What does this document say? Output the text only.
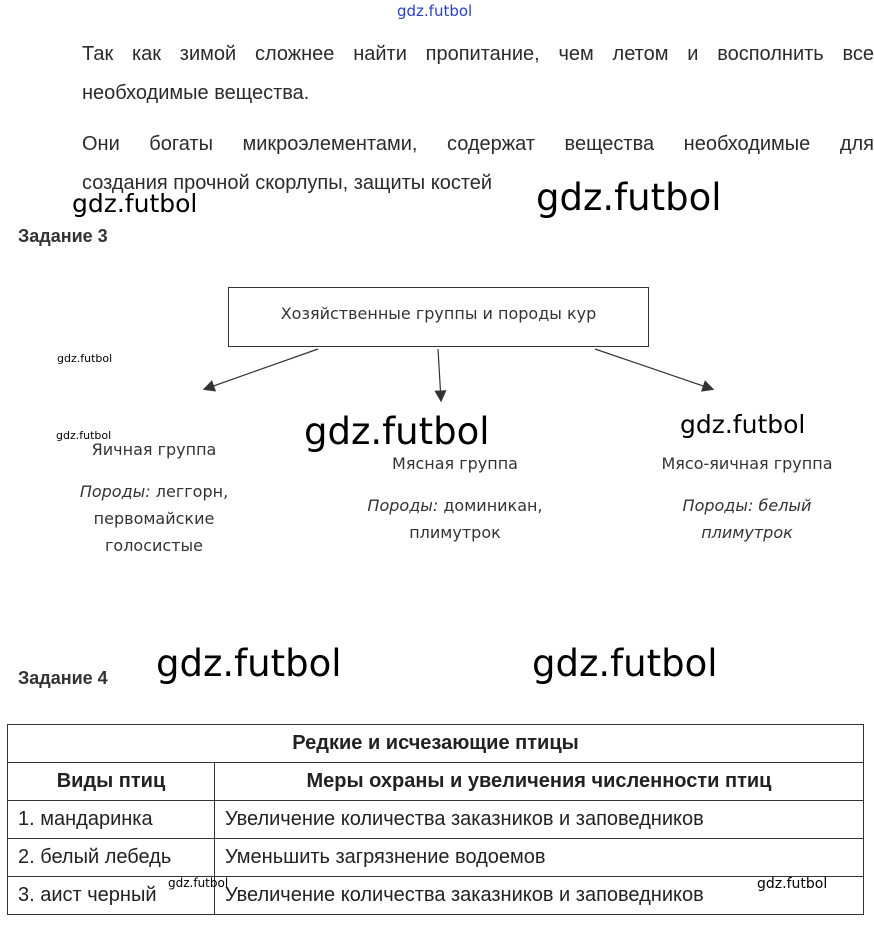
gdz.futbol
Так как зимой сложнее найти пропитание, чем летом и восполнить все
необходимые вещества.
Они богаты микроэлементами, содержат вещества необходимые для
создания прочной скорлупы, защиты костей
gdz.futbol	gdz.futbol
Задание 3
Хозяйственные группы и породы кур
gdz.futbol
gdz.futbol	gdz.futbol	gdz.futbol
Яичная группа
Породы: леггорн,
первомайские
голосистые
Мясная группа
Породы: доминикан,
плимутрок
Мясо-яичная группа
Породы: белый
плимутрок
Задание 4 gdz.futbol	gdz.futbol
Редкие и исчезающие птицы	
Виды птиц	Меры охраны и увеличения численности птиц
1. мандаринка	Увеличение количества заказников и заповедников
2. белый лебедь	Уменьшить загрязнение водоемов
3. аист черный	Увеличение количества заказников и заповедников
gdz.futbol	gdz.futbol
